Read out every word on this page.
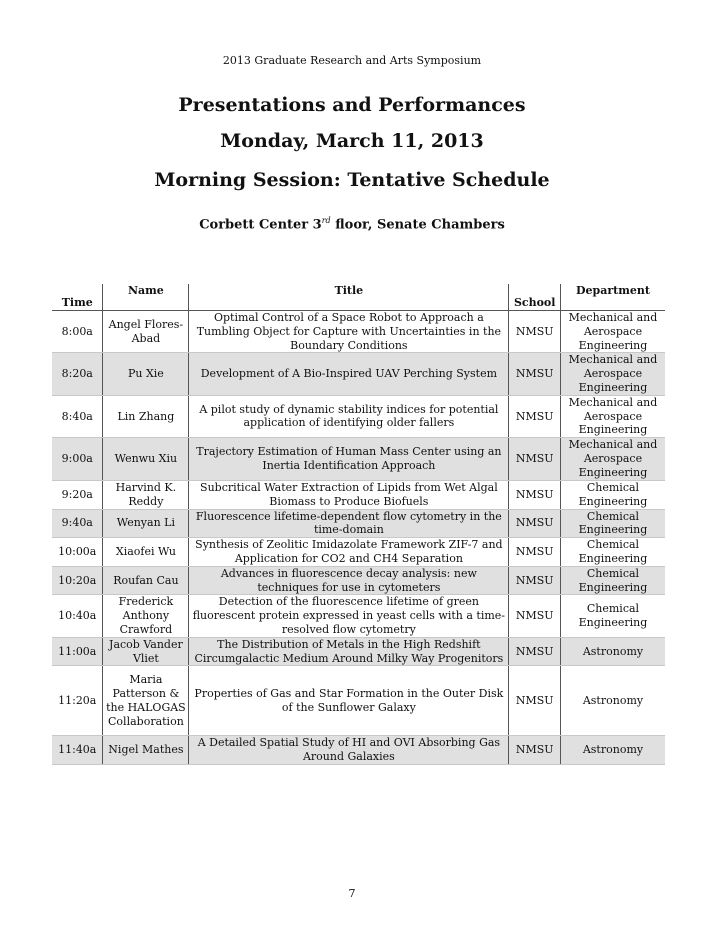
2013 Graduate Research and Arts Symposium
Presentations and Performances
Monday, March 11, 2013
Morning Session: Tentative Schedule
Corbett Center 3rd floor, Senate Chambers
Time	Name	Title	School	Department
8:00a	Angel Flores-Abad	Optimal Control of a Space Robot to Approach a Tumbling Object for Capture with Uncertainties in the Boundary Conditions	NMSU	Mechanical and Aerospace Engineering
8:20a	Pu Xie	Development of A Bio-Inspired UAV Perching System	NMSU	Mechanical and Aerospace Engineering
8:40a	Lin Zhang	A pilot study of dynamic stability indices for potential application of identifying older fallers	NMSU	Mechanical and Aerospace Engineering
9:00a	Wenwu Xiu	Trajectory Estimation of Human Mass Center using an Inertia Identification Approach	NMSU	Mechanical and Aerospace Engineering
9:20a	Harvind K. Reddy	Subcritical Water Extraction of Lipids from Wet Algal Biomass to Produce Biofuels	NMSU	Chemical Engineering
9:40a	Wenyan Li	Fluorescence lifetime-dependent flow cytometry in the time-domain	NMSU	Chemical Engineering
10:00a	Xiaofei Wu	Synthesis of Zeolitic Imidazolate Framework ZIF-7 and Application for CO2 and CH4 Separation	NMSU	Chemical Engineering
10:20a	Roufan Cau	Advances in fluorescence decay analysis: new techniques for use in cytometers	NMSU	Chemical Engineering
10:40a	Frederick Anthony Crawford	Detection of the fluorescence lifetime of green fluorescent protein expressed in yeast cells with a time-resolved flow cytometry	NMSU	Chemical Engineering
11:00a	Jacob Vander Vliet	The Distribution of Metals in the High Redshift Circumgalactic Medium Around Milky Way Progenitors	NMSU	Astronomy
11:20a	Maria Patterson & the HALOGAS Collaboration	Properties of Gas and Star Formation in the Outer Disk of the Sunflower Galaxy	NMSU	Astronomy
11:40a	Nigel Mathes	A Detailed Spatial Study of HI and OVI Absorbing Gas Around Galaxies	NMSU	Astronomy
7
